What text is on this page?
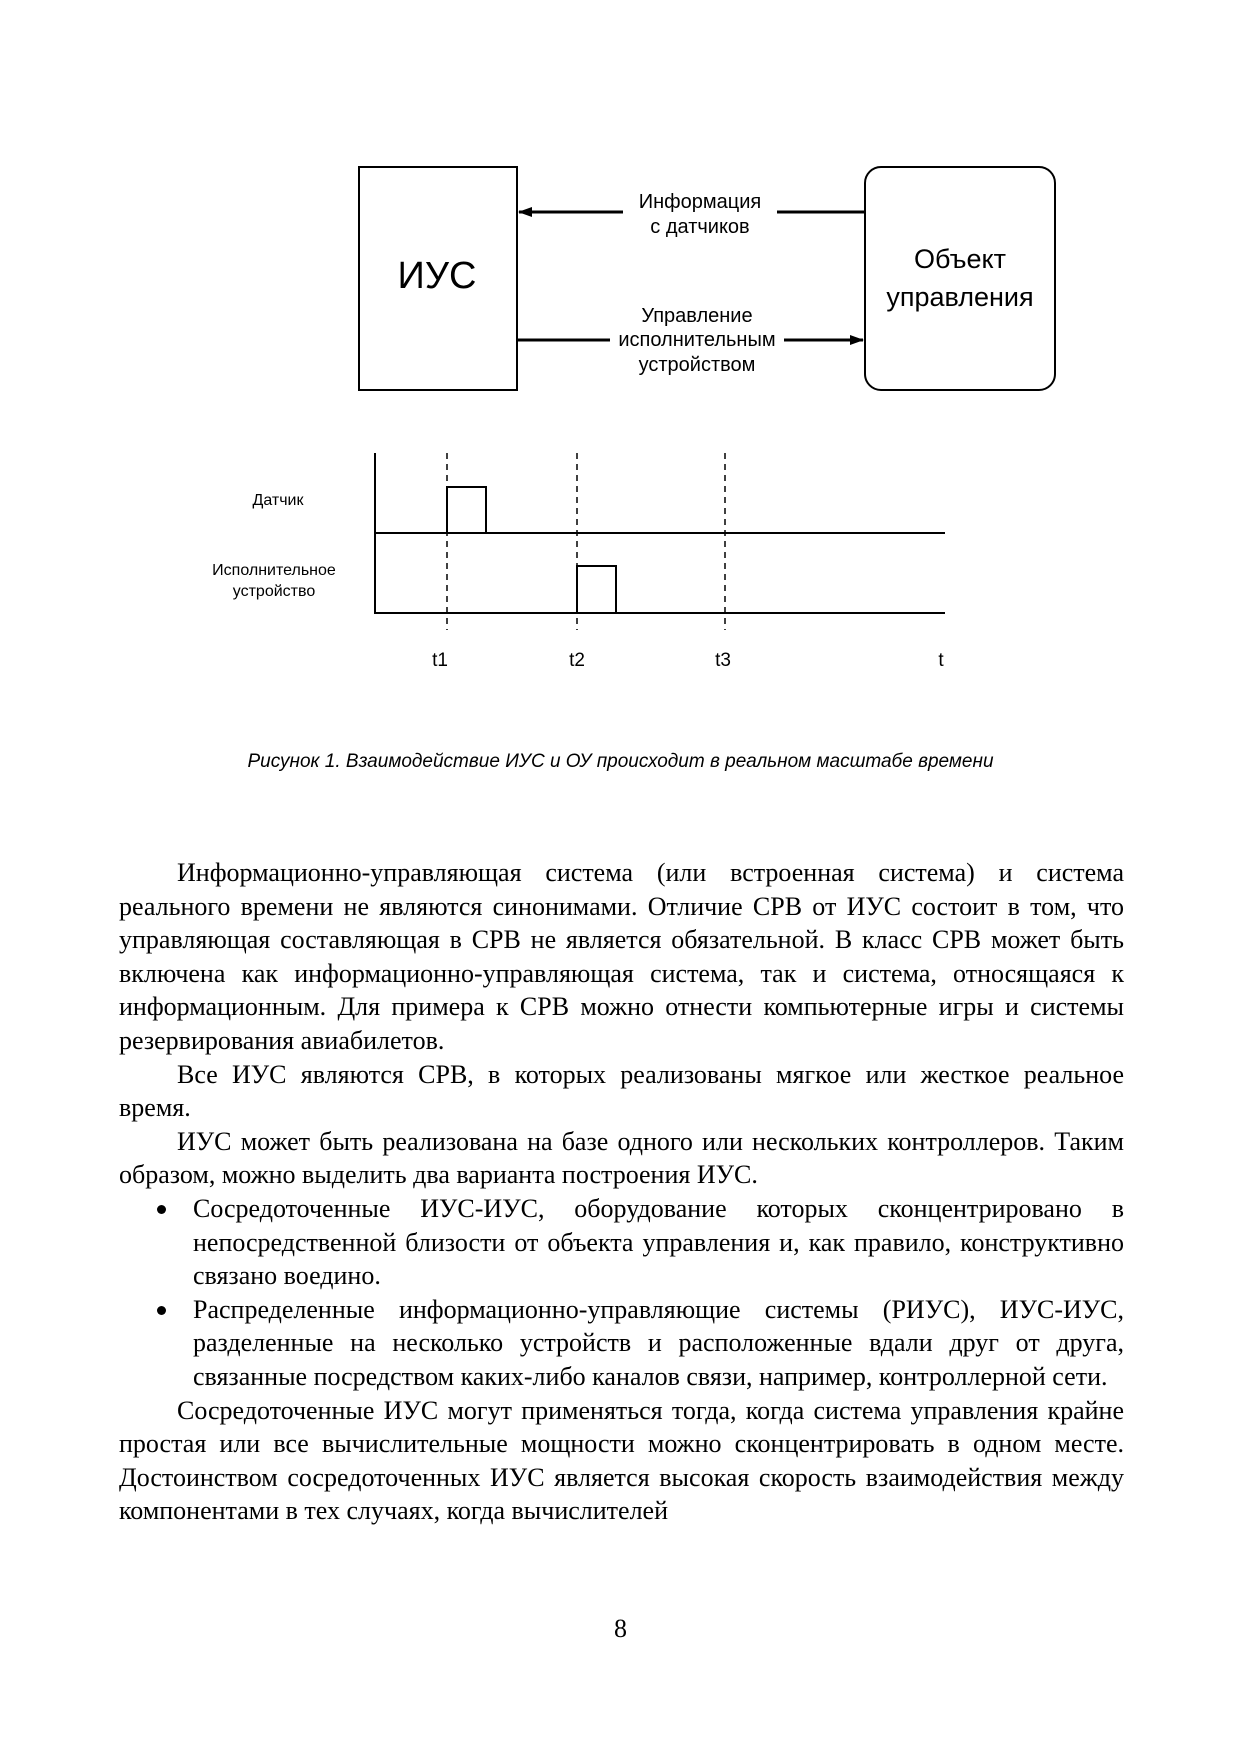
ИУС	Объект
управления
Информация
с датчиков
Управление
исполнительным
устройством
Датчик
Исполнительное
устройство
t1	t2	t3	t
Рисунок 1. Взаимодействие ИУС и ОУ происходит в реальном масштабе времени

Информационно-управляющая система (или встроенная система) и система реального времени не являются синонимами. Отличие СРВ от ИУС состоит в том, что управляющая составляющая в СРВ не является обязательной. В класс СРВ может быть включена как информационно-управляющая система, так и система, относящаяся к информационным. Для примера к СРВ можно отнести компьютерные игры и системы резервирования авиабилетов.

Все ИУС являются СРВ, в которых реализованы мягкое или жесткое реальное время.

ИУС может быть реализована на базе одного или нескольких контроллеров. Таким образом, можно выделить два варианта построения ИУС.

Сосредоточенные ИУС-ИУС, оборудование которых сконцентрировано в непосредственной близости от объекта управления и, как правило, конструктивно связано воедино.
Распределенные информационно-управляющие системы (РИУС), ИУС-ИУС, разделенные на несколько устройств и расположенные вдали друг от друга, связанные посредством каких-либо каналов связи, например, контроллерной сети.

Сосредоточенные ИУС могут применяться тогда, когда система управления крайне простая или все вычислительные мощности можно сконцентрировать в одном месте. Достоинством сосредоточенных ИУС является высокая скорость взаимодействия между компонентами в тех случаях, когда вычислителей

8
